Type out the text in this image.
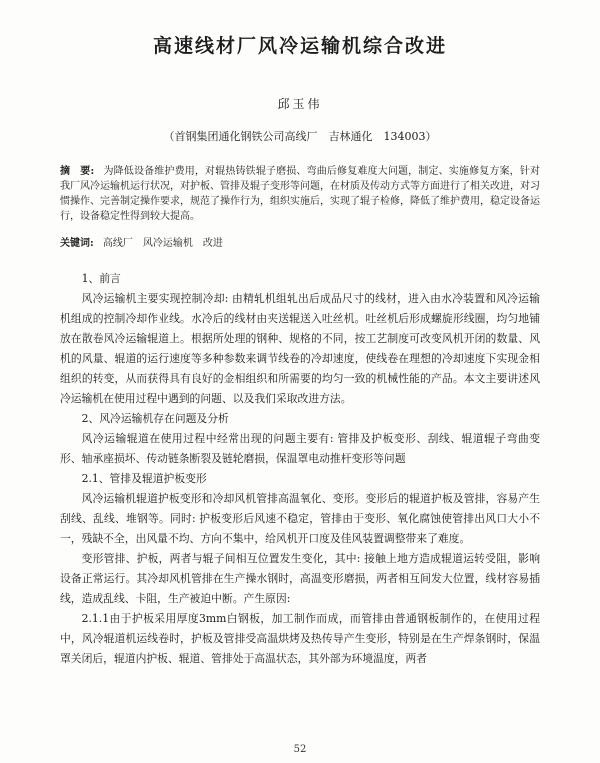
高速线材厂风冷运输机综合改进
邱玉伟
（首钢集团通化钢铁公司高线厂　吉林通化　134003）

摘　要: 为降低设备维护费用，对辊热铸铁辊子磨损、弯曲后修复难度大问题，制定、实施修复方案，针对我厂风冷运输机运行状况，对护板、管排及辊子变形等问题，在材质及传动方式等方面进行了相关改进，对习惯操作、完善制定操作要求，规范了操作行为，组织实施后，实现了辊子检修，降低了维护费用，稳定设备运行，设备稳定性得到较大提高。

关键词: 高线厂　风冷运输机　改进

1、前言

风冷运输机主要实现控制冷却: 由精轧机组轧出后成品尺寸的线材，进入由水冷装置和风冷运输机组成的控制冷却作业线。水冷后的线材由夹送辊送入吐丝机。吐丝机后形成螺旋形线圈，均匀地铺放在散卷风冷运输辊道上。根据所处理的钢种、规格的不同，按工艺制度可改变风机开闭的数量、风机的风量、辊道的运行速度等多种参数来调节线卷的冷却速度，使线卷在理想的冷却速度下实现金相组织的转变，从而获得具有良好的金相组织和所需要的均匀一致的机械性能的产品。本文主要讲述风冷运输机在使用过程中遇到的问题、以及我们采取改进方法。

2、风冷运输机存在问题及分析

风冷运输辊道在使用过程中经常出现的问题主要有: 管排及护板变形、刮线、辊道辊子弯曲变形、轴承座损坏、传动链条断裂及链轮磨损，保温罩电动推杆变形等问题

2.1、管排及辊道护板变形

风冷运输机辊道护板变形和冷却风机管排高温氧化、变形。变形后的辊道护板及管排，容易产生刮线、乱线、堆钢等。同时: 护板变形后风速不稳定，管排由于变形、氧化腐蚀使管排出风口大小不一，残缺不全，出风量不均、方向不集中，给风机开口度及佳风装置调整带来了难度。

变形管排、护板，两者与辊子间相互位置发生变化，其中: 接触上地方造成辊道运转受阻，影响设备正常运行。其冷却风机管排在生产操水钢时，高温变形磨损，两者相互间发大位置，线材容易插线，造成乱线、卡阻，生产被迫中断。产生原因:

2.1.1由于护板采用厚度3mm白钢板，加工制作而成，而管排由普通钢板制作的，在使用过程中，风冷辊道机运线卷时，护板及管排受高温烘烤及热传导产生变形，特别是在生产焊条钢时，保温罩关闭后，辊道内护板、辊道、管排处于高温状态，其外部为环境温度，两者

52
